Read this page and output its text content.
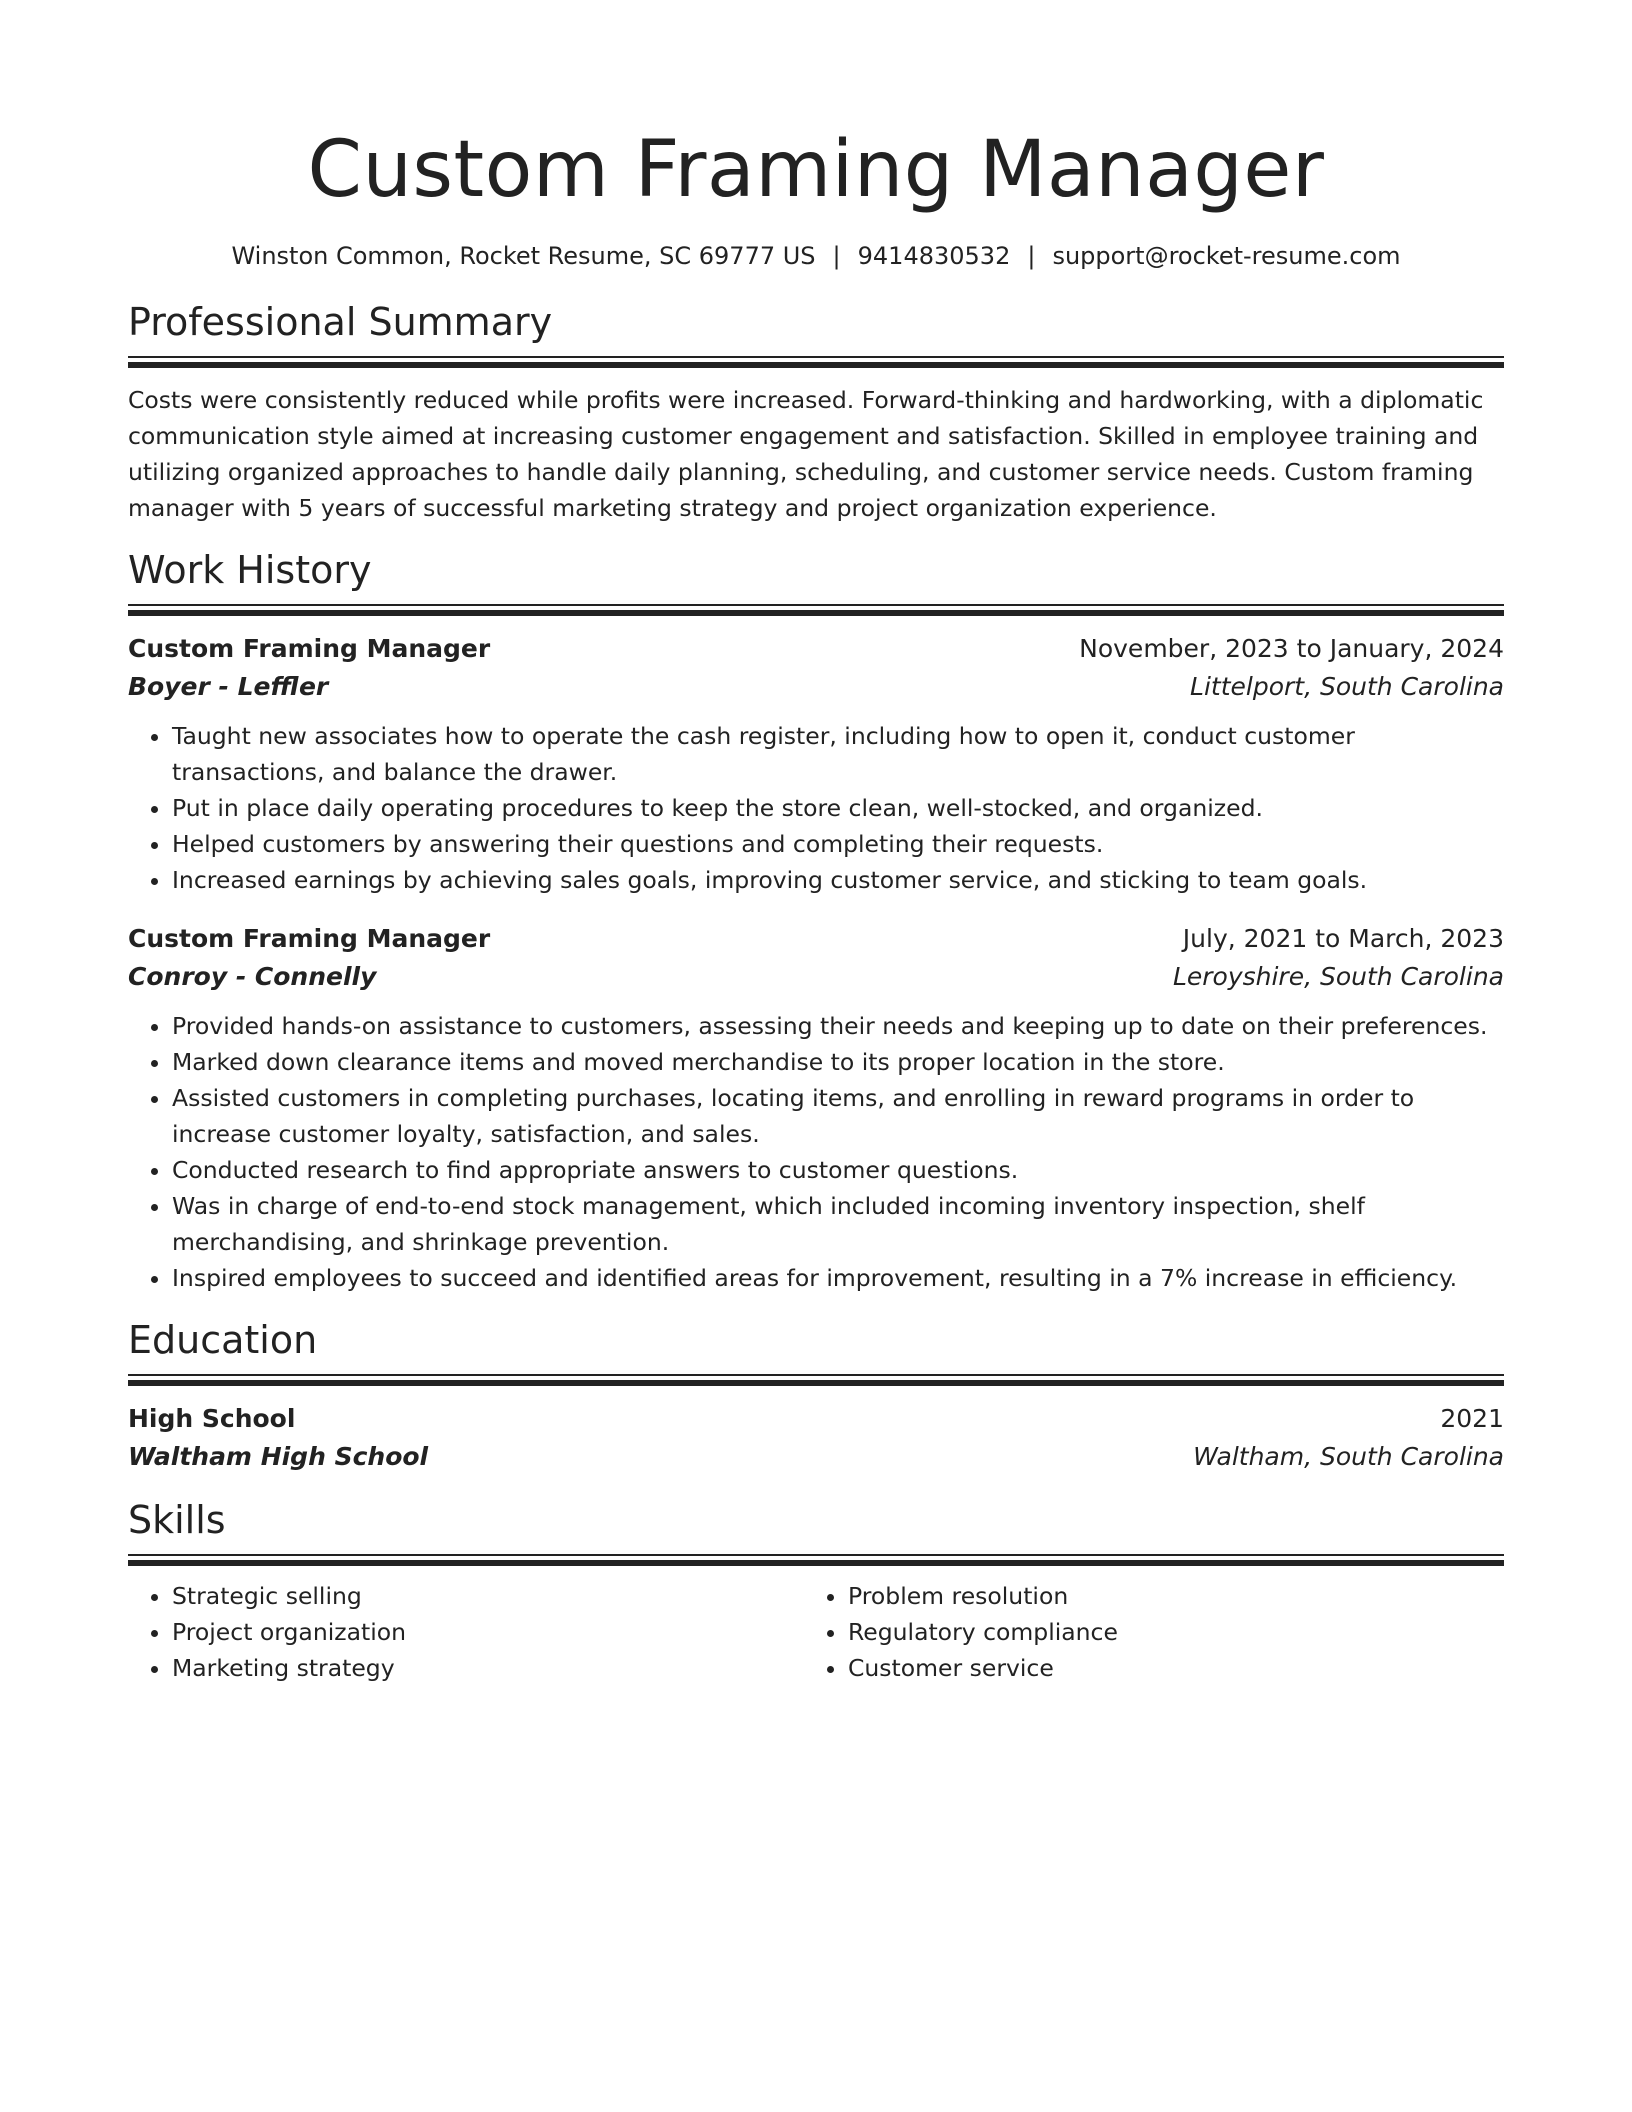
Custom Framing Manager
Winston Common, Rocket Resume, SC 69777 US | 9414830532 | support@rocket-resume.com
Professional Summary
Costs were consistently reduced while profits were increased. Forward-thinking and hardworking, with a diplomatic communication style aimed at increasing customer engagement and satisfaction. Skilled in employee training and utilizing organized approaches to handle daily planning, scheduling, and customer service needs. Custom framing manager with 5 years of successful marketing strategy and project organization experience.
Work History
Custom Framing Manager	November, 2023 to January, 2024
Boyer - Leffler	Littelport, South Carolina
• Taught new associates how to operate the cash register, including how to open it, conduct customer transactions, and balance the drawer.
• Put in place daily operating procedures to keep the store clean, well-stocked, and organized.
• Helped customers by answering their questions and completing their requests.
• Increased earnings by achieving sales goals, improving customer service, and sticking to team goals.
Custom Framing Manager	July, 2021 to March, 2023
Conroy - Connelly	Leroyshire, South Carolina
• Provided hands-on assistance to customers, assessing their needs and keeping up to date on their preferences.
• Marked down clearance items and moved merchandise to its proper location in the store.
• Assisted customers in completing purchases, locating items, and enrolling in reward programs in order to increase customer loyalty, satisfaction, and sales.
• Conducted research to find appropriate answers to customer questions.
• Was in charge of end-to-end stock management, which included incoming inventory inspection, shelf merchandising, and shrinkage prevention.
• Inspired employees to succeed and identified areas for improvement, resulting in a 7% increase in efficiency.
Education
High School	2021
Waltham High School	Waltham, South Carolina
Skills
• Strategic selling
• Project organization
• Marketing strategy
• Problem resolution
• Regulatory compliance
• Customer service
